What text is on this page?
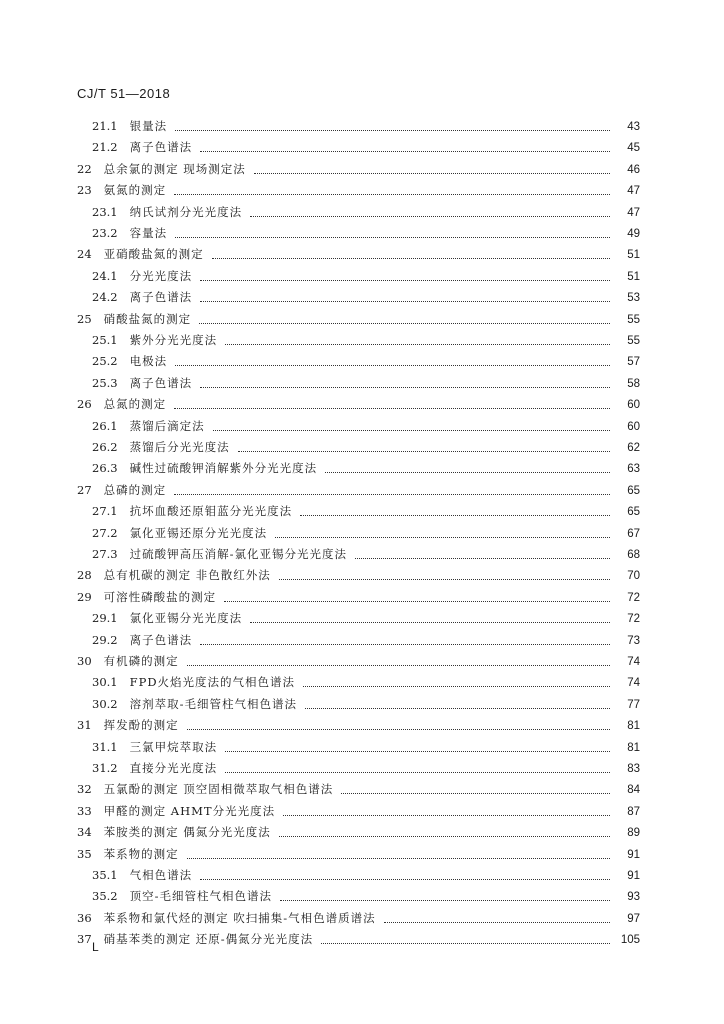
CJ/T 51—2018
21.1 银量法	43
21.2 离子色谱法	45
22 总余氯的测定 现场测定法	46
23 氨氮的测定	47
23.1 纳氏试剂分光光度法	47
23.2 容量法	49
24 亚硝酸盐氮的测定	51
24.1 分光光度法	51
24.2 离子色谱法	53
25 硝酸盐氮的测定	55
25.1 紫外分光光度法	55
25.2 电极法	57
25.3 离子色谱法	58
26 总氮的测定	60
26.1 蒸馏后滴定法	60
26.2 蒸馏后分光光度法	62
26.3 碱性过硫酸钾消解紫外分光光度法	63
27 总磷的测定	65
27.1 抗坏血酸还原钼蓝分光光度法	65
27.2 氯化亚锡还原分光光度法	67
27.3 过硫酸钾高压消解-氯化亚锡分光光度法	68
28 总有机碳的测定 非色散红外法	70
29 可溶性磷酸盐的测定	72
29.1 氯化亚锡分光光度法	72
29.2 离子色谱法	73
30 有机磷的测定	74
30.1 FPD火焰光度法的气相色谱法	74
30.2 溶剂萃取-毛细管柱气相色谱法	77
31 挥发酚的测定	81
31.1 三氯甲烷萃取法	81
31.2 直接分光光度法	83
32 五氯酚的测定 顶空固相微萃取气相色谱法	84
33 甲醛的测定 AHMT分光光度法	87
34 苯胺类的测定 偶氮分光光度法	89
35 苯系物的测定	91
35.1 气相色谱法	91
35.2 顶空-毛细管柱气相色谱法	93
36 苯系物和氯代烃的测定 吹扫捕集-气相色谱质谱法	97
37 硝基苯类的测定 还原-偶氮分光光度法	105
L
